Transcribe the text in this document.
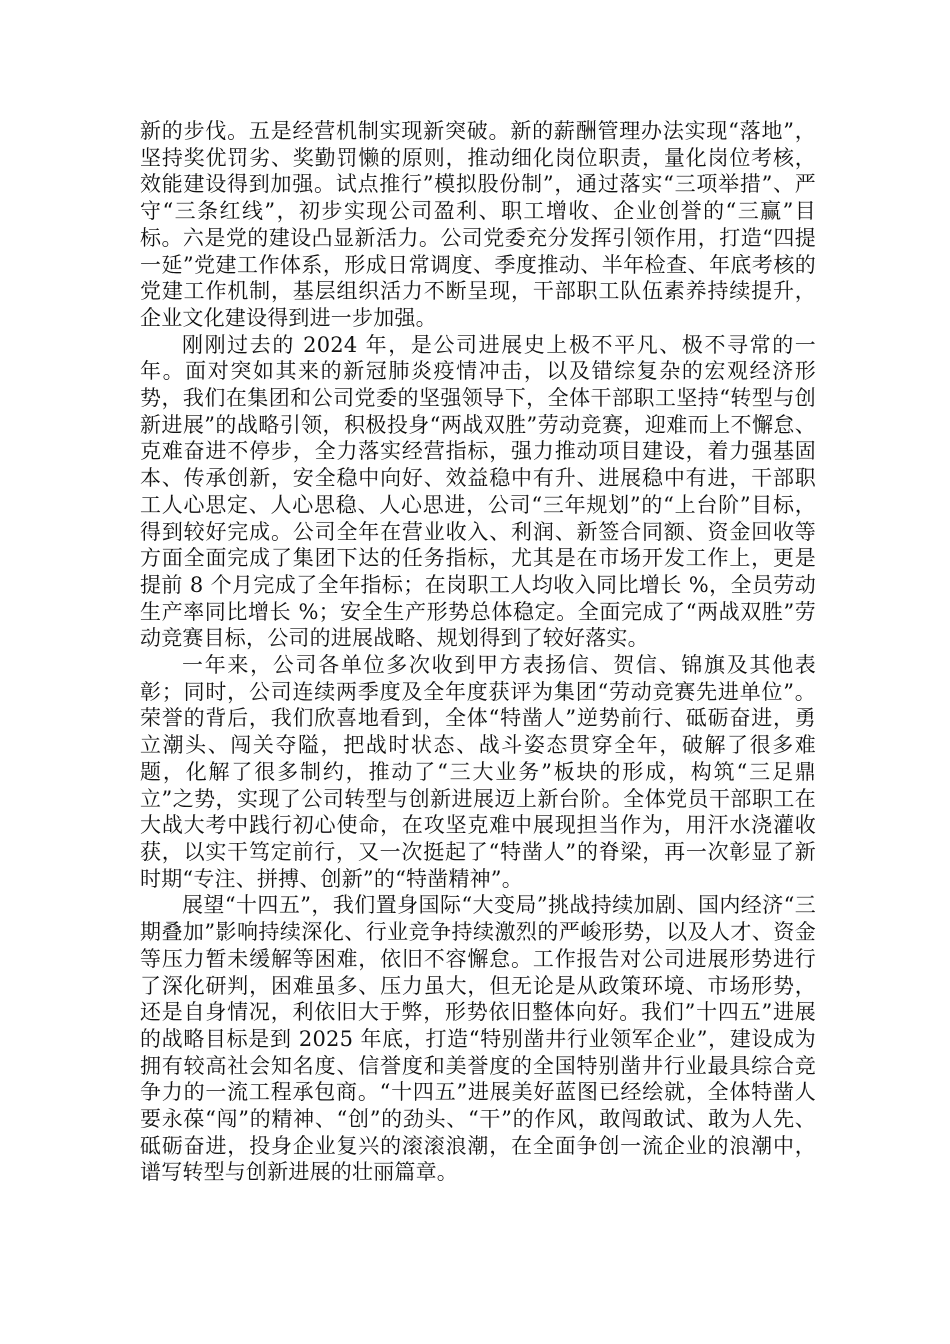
新的步伐。五是经营机制实现新突破。新的薪酬管理办法实现“落地”，坚持奖优罚劣、奖勤罚懒的原则，推动细化岗位职责，量化岗位考核，效能建设得到加强。试点推行”模拟股份制”，通过落实“三项举措”、严守“三条红线”，初步实现公司盈利、职工增收、企业创誉的“三赢”目标。六是党的建设凸显新活力。公司党委充分发挥引领作用，打造“四提一延”党建工作体系，形成日常调度、季度推动、半年检查、年底考核的党建工作机制，基层组织活力不断呈现，干部职工队伍素养持续提升，企业文化建设得到进一步加强。

刚刚过去的 2024 年，是公司进展史上极不平凡、极不寻常的一年。面对突如其来的新冠肺炎疫情冲击，以及错综复杂的宏观经济形势，我们在集团和公司党委的坚强领导下，全体干部职工坚持“转型与创新进展”的战略引领，积极投身“两战双胜”劳动竞赛，迎难而上不懈怠、克难奋进不停步，全力落实经营指标，强力推动项目建设，着力强基固本、传承创新，安全稳中向好、效益稳中有升、进展稳中有进，干部职工人心思定、人心思稳、人心思进，公司“三年规划”的“上台阶”目标，得到较好完成。公司全年在营业收入、利润、新签合同额、资金回收等方面全面完成了集团下达的任务指标，尤其是在市场开发工作上，更是提前 8 个月完成了全年指标；在岗职工人均收入同比增长 %，全员劳动生产率同比增长 %；安全生产形势总体稳定。全面完成了“两战双胜”劳动竞赛目标，公司的进展战略、规划得到了较好落实。

一年来，公司各单位多次收到甲方表扬信、贺信、锦旗及其他表彰；同时，公司连续两季度及全年度获评为集团“劳动竞赛先进单位”。荣誉的背后，我们欣喜地看到，全体“特凿人”逆势前行、砥砺奋进，勇立潮头、闯关夺隘，把战时状态、战斗姿态贯穿全年，破解了很多难题，化解了很多制约，推动了“三大业务”板块的形成，构筑“三足鼎立”之势，实现了公司转型与创新进展迈上新台阶。全体党员干部职工在大战大考中践行初心使命，在攻坚克难中展现担当作为，用汗水浇灌收获，以实干笃定前行，又一次挺起了“特凿人”的脊梁，再一次彰显了新时期“专注、拼搏、创新”的“特凿精神”。

展望“十四五”，我们置身国际“大变局”挑战持续加剧、国内经济“三期叠加”影响持续深化、行业竞争持续激烈的严峻形势，以及人才、资金等压力暂未缓解等困难，依旧不容懈怠。工作报告对公司进展形势进行了深化研判，困难虽多、压力虽大，但无论是从政策环境、市场形势，还是自身情况，利依旧大于弊，形势依旧整体向好。我们”十四五”进展的战略目标是到 2025 年底，打造“特别凿井行业领军企业”，建设成为拥有较高社会知名度、信誉度和美誉度的全国特别凿井行业最具综合竞争力的一流工程承包商。“十四五”进展美好蓝图已经绘就，全体特凿人要永葆“闯”的精神、“创”的劲头、“干”的作风，敢闯敢试、敢为人先、砥砺奋进，投身企业复兴的滚滚浪潮，在全面争创一流企业的浪潮中，谱写转型与创新进展的壮丽篇章。
